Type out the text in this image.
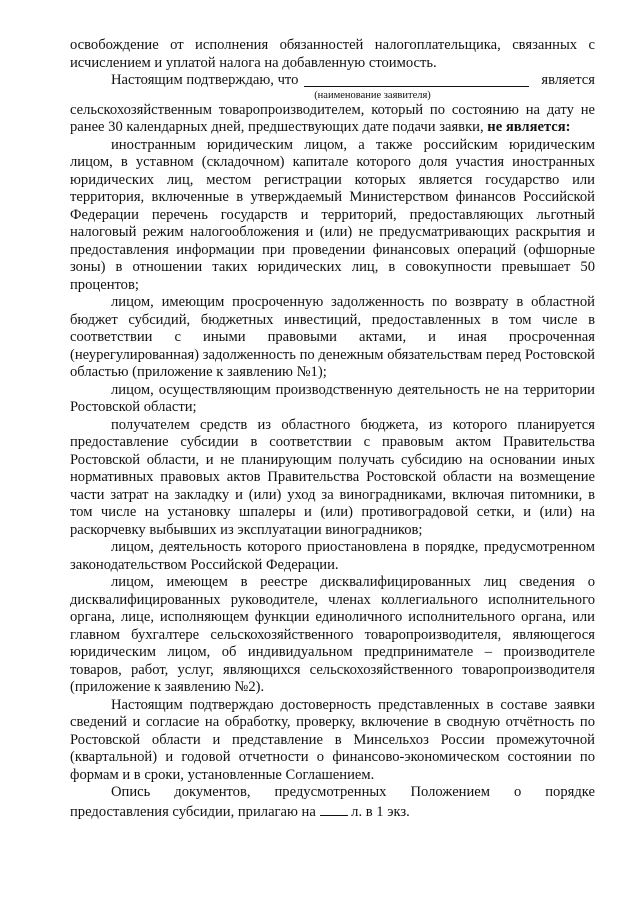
освобождение от исполнения обязанностей налогоплательщика, связанных с исчислением и уплатой налога на добавленную стоимость.

Настоящим подтверждаю, что	является

(наименование заявителя)

сельскохозяйственным товаропроизводителем, который по состоянию на дату не ранее 30 календарных дней, предшествующих дате подачи заявки, не является:

иностранным юридическим лицом, а также российским юридическим лицом, в уставном (складочном) капитале которого доля участия иностранных юридических лиц, местом регистрации которых является государство или территория, включенные в утверждаемый Министерством финансов Российской Федерации перечень государств и территорий, предоставляющих льготный налоговый режим налогообложения и (или) не предусматривающих раскрытия и предоставления информации при проведении финансовых операций (офшорные зоны) в отношении таких юридических лиц, в совокупности превышает 50 процентов;

лицом, имеющим просроченную задолженность по возврату в областной бюджет субсидий, бюджетных инвестиций, предоставленных в том числе в соответствии с иными правовыми актами, и иная просроченная (неурегулированная) задолженность по денежным обязательствам перед Ростовской областью (приложение к заявлению №1);

лицом, осуществляющим производственную деятельность не на территории Ростовской области;

получателем средств из областного бюджета, из которого планируется предоставление субсидии в соответствии с правовым актом Правительства Ростовской области, и не планирующим получать субсидию на основании иных нормативных правовых актов Правительства Ростовской области на возмещение части затрат на закладку и (или) уход за виноградниками, включая питомники, в том числе на установку шпалеры и (или) противоградовой сетки, и (или) на раскорчевку выбывших из эксплуатации виноградников;

лицом, деятельность которого приостановлена в порядке, предусмотренном законодательством Российской Федерации.

лицом, имеющем в реестре дисквалифицированных лиц сведения о дисквалифицированных руководителе, членах коллегиального исполнительного органа, лице, исполняющем функции единоличного исполнительного органа, или главном бухгалтере сельскохозяйственного товаропроизводителя, являющегося юридическим лицом, об индивидуальном предпринимателе – производителе товаров, работ, услуг, являющихся сельскохозяйственного товаропроизводителя (приложение к заявлению №2).

Настоящим подтверждаю достоверность представленных в составе заявки сведений и согласие на обработку, проверку, включение в сводную отчётность по Ростовской области и представление в Минсельхоз России промежуточной (квартальной) и годовой отчетности о финансово-экономическом состоянии по формам и в сроки, установленные Соглашением.

Опись документов, предусмотренных Положением о порядке предоставления субсидии, прилагаю на л. в 1 экз.
